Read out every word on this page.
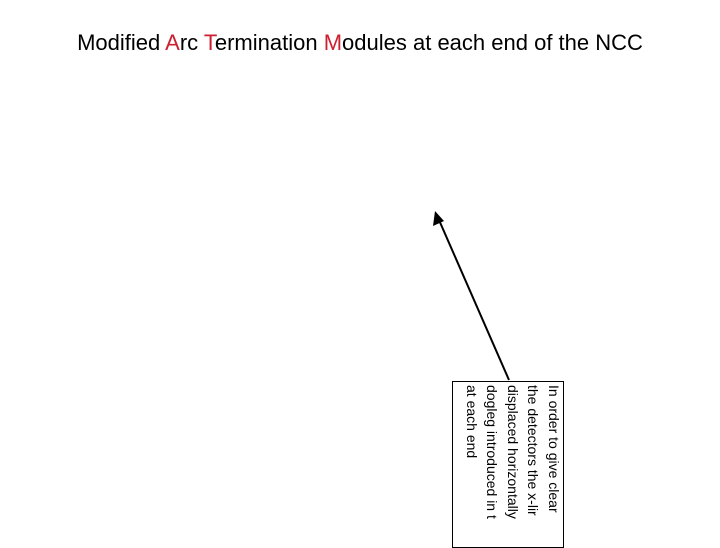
Modified Arc Termination Modules at each end of the NCC
In order to give clear
the detectors the x-lir
displaced horizontally
dogleg introduced in t
at each end
